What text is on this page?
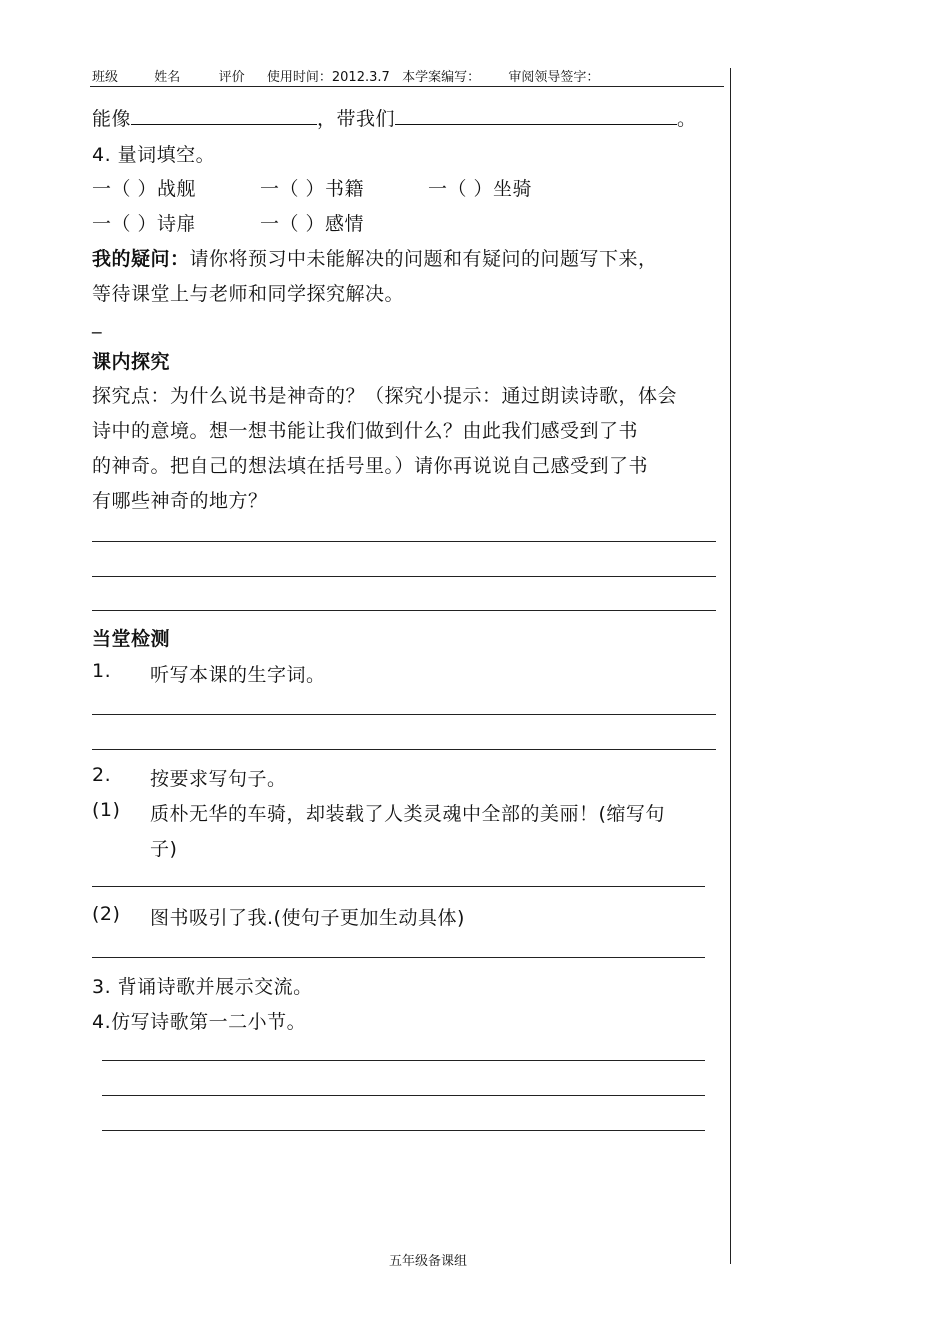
班级	姓名	评价 使用时间：2012.3.7 本学案编写： 审阅领导签字：
能像	，带我们	。
4. 量词填空。
一（ ）战舰	一（ ）书籍	一（ ）坐骑
一（ ）诗扉	一（ ）感情
我的疑问：请你将预习中未能解决的问题和有疑问的问题写下来，
等待课堂上与老师和同学探究解决。
_
课内探究
探究点：为什么说书是神奇的？（探究小提示：通过朗读诗歌，体会
诗中的意境。想一想书能让我们做到什么？由此我们感受到了书
的神奇。把自己的想法填在括号里。）请你再说说自己感受到了书
有哪些神奇的地方？
当堂检测
1. 听写本课的生字词。
2. 按要求写句子。
(1) 质朴无华的车骑，却装载了人类灵魂中全部的美丽！(缩写句
子)
(2) 图书吸引了我.(使句子更加生动具体)
3. 背诵诗歌并展示交流。
4.仿写诗歌第一二小节。
五年级备课组
